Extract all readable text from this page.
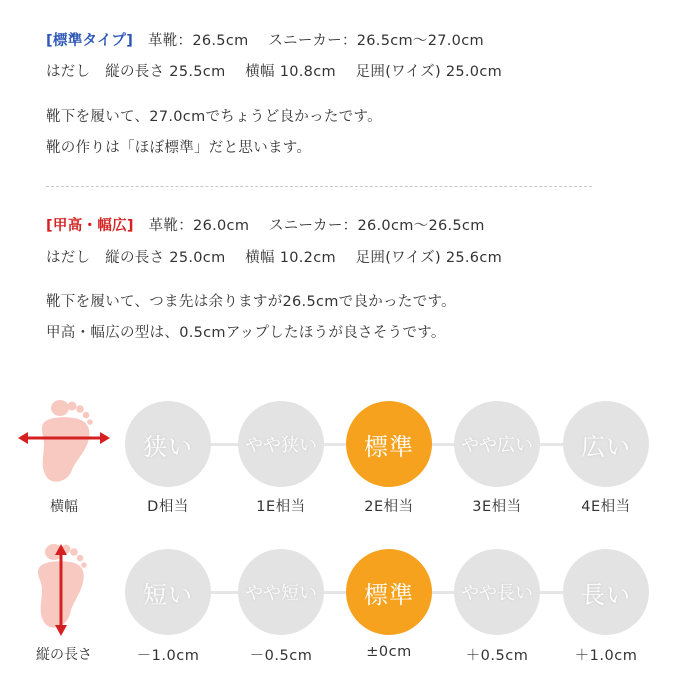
[標準タイプ]　革靴：26.5cm　 スニーカー：26.5cm～27.0cm
はだし　縦の長さ 25.5cm　 横幅 10.8cm　 足囲(ワイズ) 25.0cm
靴下を履いて、27.0cmでちょうど良かったです。
靴の作りは「ほぼ標準」だと思います。
[甲高・幅広]　革靴：26.0cm　 スニーカー：26.0cm～26.5cm
はだし　縦の長さ 25.0cm　 横幅 10.2cm　 足囲(ワイズ) 25.6cm
靴下を履いて、つま先は余りますが26.5cmで良かったです。
甲高・幅広の型は、0.5cmアップしたほうが良さそうです。
横幅
狭い
D相当
やや狭い
1E相当
標準
2E相当
やや広い
3E相当
広い
4E相当
縦の長さ
短い
－1.0cm
やや短い
－0.5cm
標準
±0cm
やや長い
＋0.5cm
長い
＋1.0cm
